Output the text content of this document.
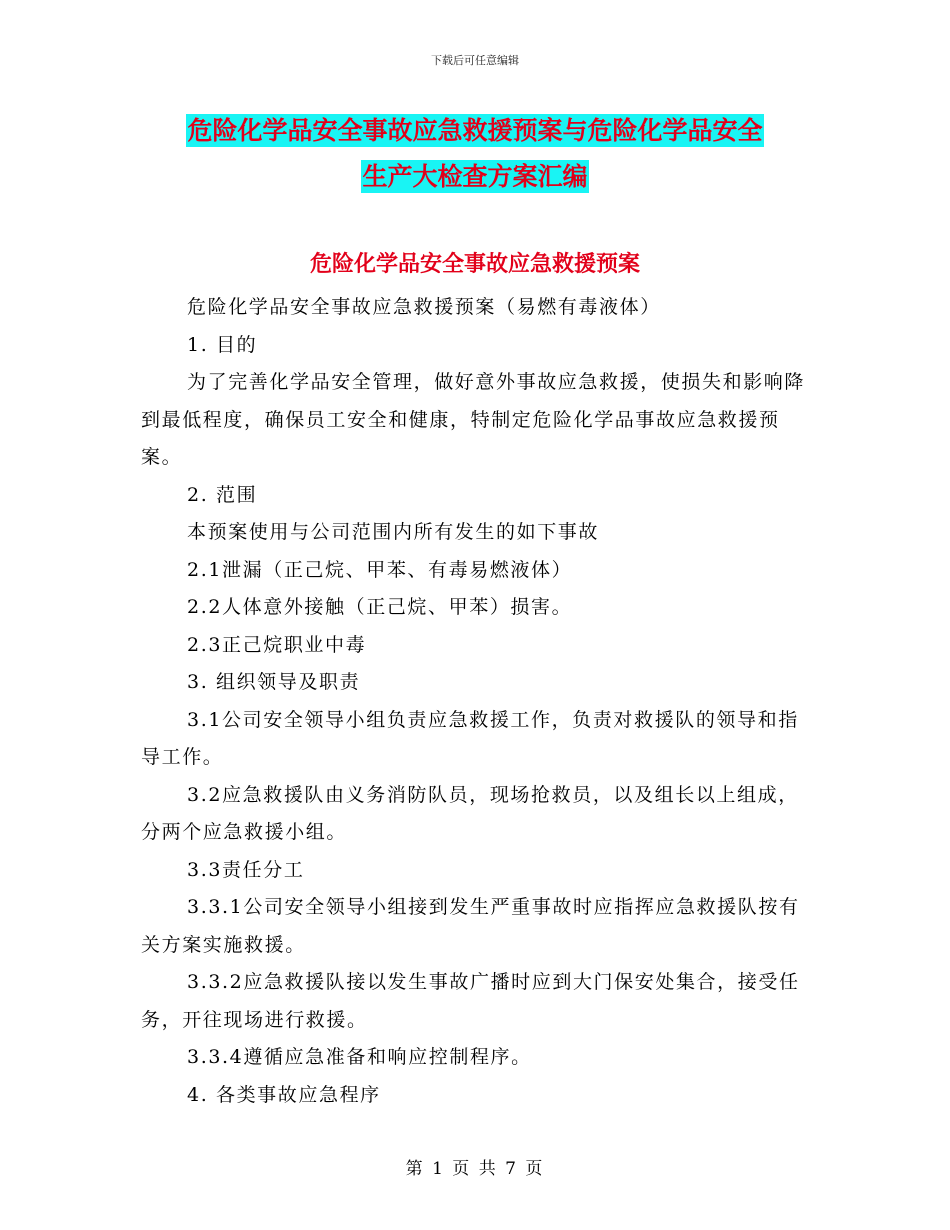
下载后可任意编辑
危险化学品安全事故应急救援预案与危险化学品安全
生产大检查方案汇编
危险化学品安全事故应急救援预案

危险化学品安全事故应急救援预案（易燃有毒液体）

1. 目的

为了完善化学品安全管理，做好意外事故应急救援，使损失和影响降到最低程度，确保员工安全和健康，特制定危险化学品事故应急救援预案。

2. 范围

本预案使用与公司范围内所有发生的如下事故

2.1泄漏（正己烷、甲苯、有毒易燃液体）

2.2人体意外接触（正己烷、甲苯）损害。

2.3正己烷职业中毒

3. 组织领导及职责

3.1公司安全领导小组负责应急救援工作，负责对救援队的领导和指导工作。

3.2应急救援队由义务消防队员，现场抢救员，以及组长以上组成，分两个应急救援小组。

3.3责任分工

3.3.1公司安全领导小组接到发生严重事故时应指挥应急救援队按有关方案实施救援。

3.3.2应急救援队接以发生事故广播时应到大门保安处集合，接受任务，开往现场进行救援。

3.3.4遵循应急准备和响应控制程序。

4. 各类事故应急程序

第 1 页 共 7 页
